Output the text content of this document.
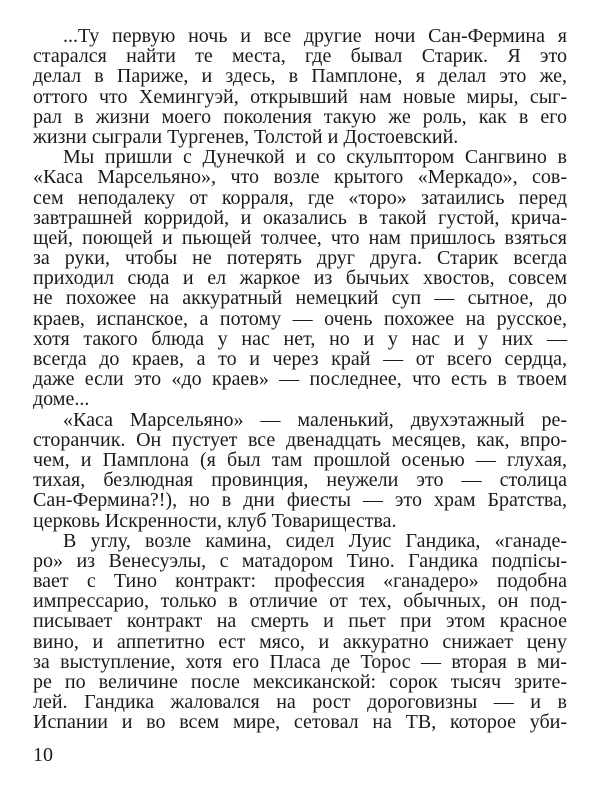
...Ту первую ночь и все другие ночи Сан-Фермина я
старался найти те места, где бывал Старик. Я это
делал в Париже, и здесь, в Памплоне, я делал это же,
оттого что Хемингуэй, открывший нам новые миры, сыг-
рал в жизни моего поколения такую же роль, как в его
жизни сыграли Тургенев, Толстой и Достоевский.
Мы пришли с Дунечкой и со скульптором Сангвино в
«Каса Марсельяно», что возле крытого «Меркадо», сов-
сем неподалеку от корраля, где «торо» затаились перед
завтрашней корридой, и оказались в такой густой, крича-
щей, поющей и пьющей толчее, что нам пришлось взяться
за руки, чтобы не потерять друг друга. Старик всегда
приходил сюда и ел жаркое из бычьих хвостов, совсем
не похожее на аккуратный немецкий суп — сытное, до
краев, испанское, а потому — очень похожее на русское,
хотя такого блюда у нас нет, но и у нас и у них —
всегда до краев, а то и через край — от всего сердца,
даже если это «до краев» — последнее, что есть в твоем
доме...
«Каса Марсельяно» — маленький, двухэтажный ре-
сторанчик. Он пустует все двенадцать месяцев, как, впро-
чем, и Памплона (я был там прошлой осенью — глухая,
тихая, безлюдная провинция, неужели это — столица
Сан-Фермина?!), но в дни фиесты — это храм Братства,
церковь Искренности, клуб Товарищества.
В углу, возле камина, сидел Луис Гандика, «ганаде-
ро» из Венесуэлы, с матадором Тино. Гандика подпісы-
вает с Тино контракт: профессия «ганадеро» подобна
импрессарио, только в отличие от тех, обычных, он под-
писывает контракт на смерть и пьет при этом красное
вино, и аппетитно ест мясо, и аккуратно снижает цену
за выступление, хотя его Пласа де Торос — вторая в ми-
ре по величине после мексиканской: сорок тысяч зрите-
лей. Гандика жаловался на рост дороговизны — и в
Испании и во всем мире, сетовал на ТВ, которое уби-
10
